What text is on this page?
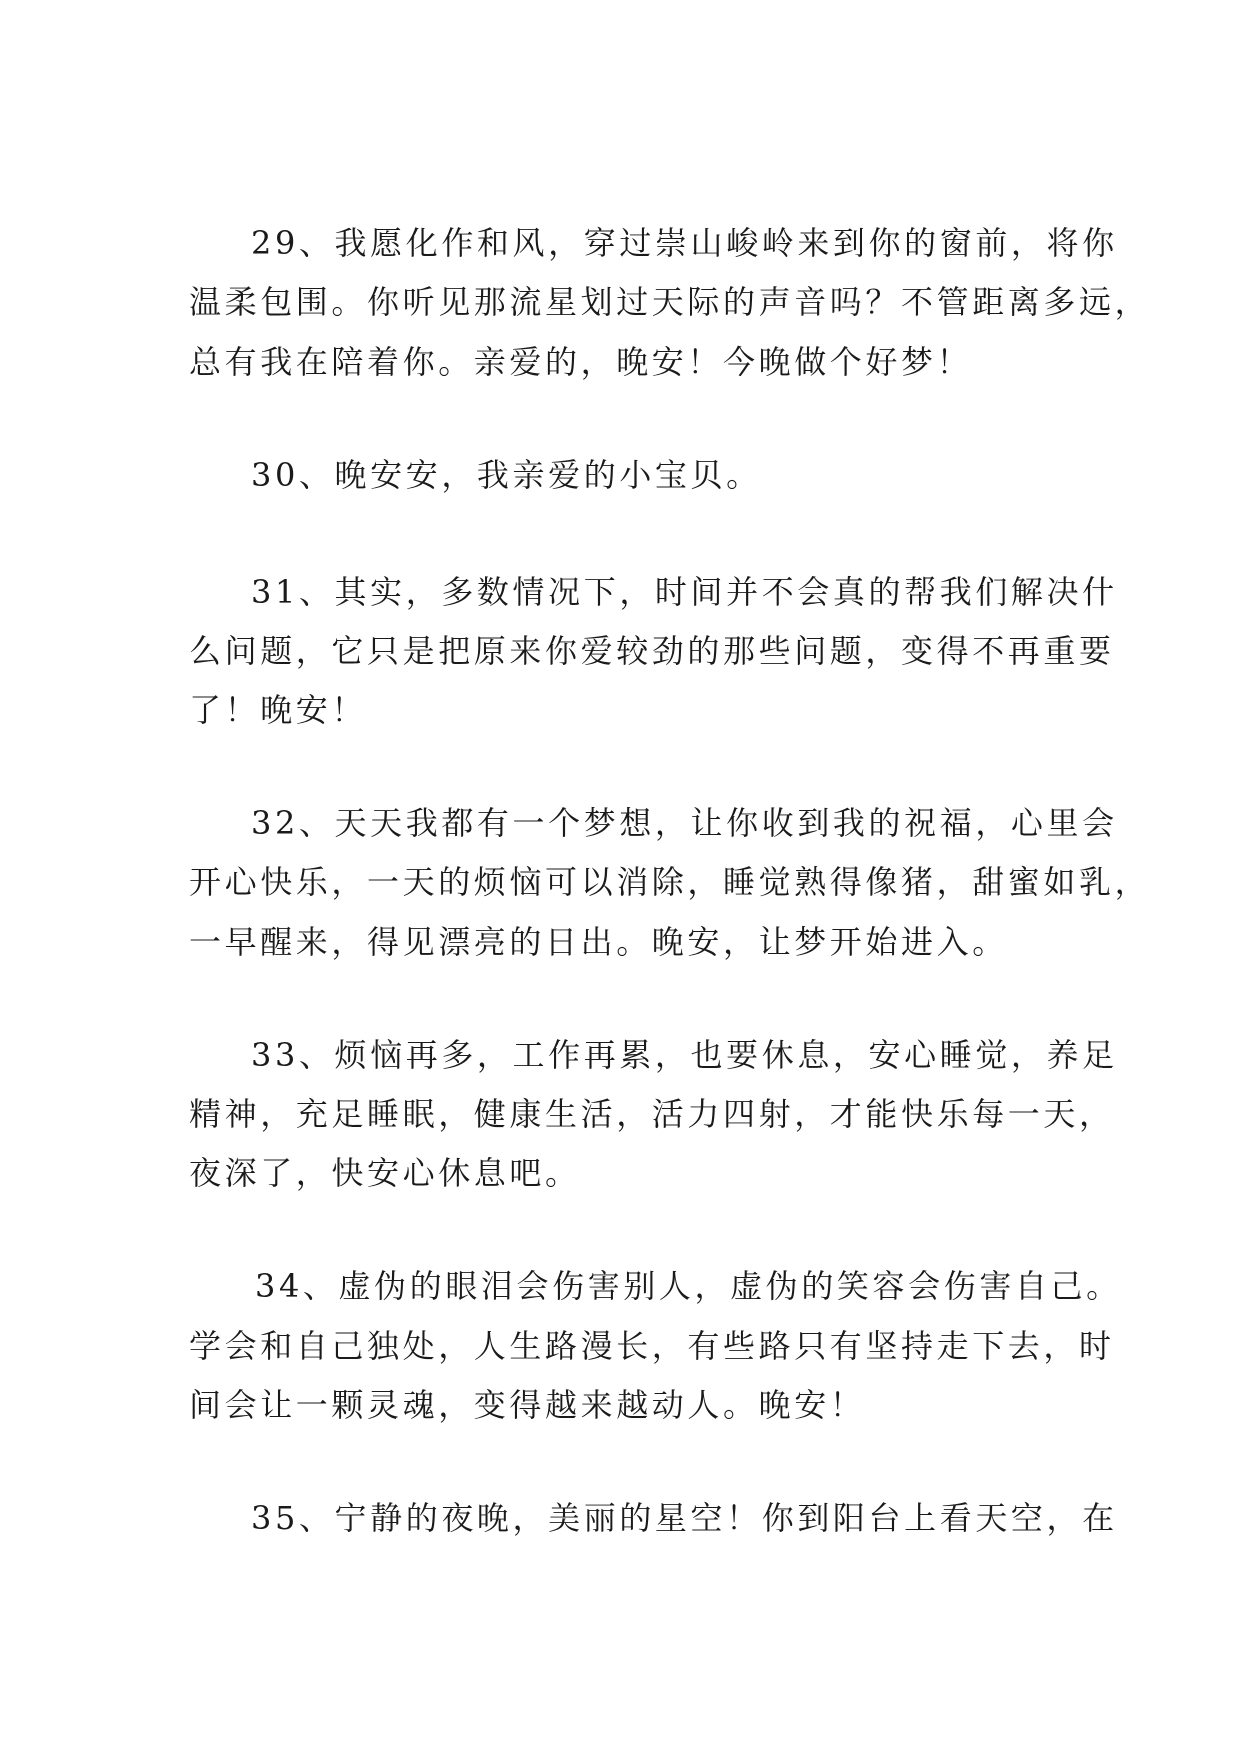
29、我愿化作和风，穿过崇山峻岭来到你的窗前，将你
温柔包围。你听见那流星划过天际的声音吗？不管距离多远，
总有我在陪着你。亲爱的，晚安！今晚做个好梦！
30、晚安安，我亲爱的小宝贝。
31、其实，多数情况下，时间并不会真的帮我们解决什
么问题，它只是把原来你爱较劲的那些问题，变得不再重要
了！晚安！
32、天天我都有一个梦想，让你收到我的祝福，心里会
开心快乐，一天的烦恼可以消除，睡觉熟得像猪，甜蜜如乳，
一早醒来，得见漂亮的日出。晚安，让梦开始进入。
33、烦恼再多，工作再累，也要休息，安心睡觉，养足
精神，充足睡眠，健康生活，活力四射，才能快乐每一天，
夜深了，快安心休息吧。
34、虚伪的眼泪会伤害别人，虚伪的笑容会伤害自己。
学会和自己独处，人生路漫长，有些路只有坚持走下去，时
间会让一颗灵魂，变得越来越动人。晚安！
35、宁静的夜晚，美丽的星空！你到阳台上看天空，在
